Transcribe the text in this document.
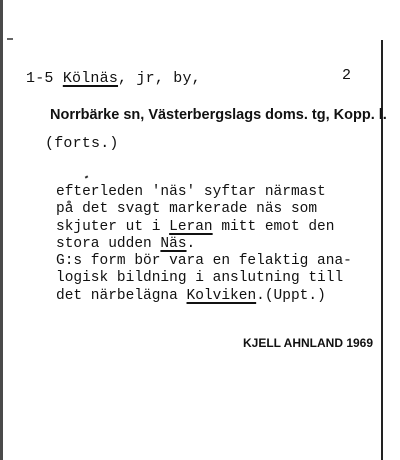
1-5 Kölnäs, jr, by,	2
Norrbärke sn, Västerbergslags doms. tg, Kopp. l.
(forts.)
efterleden 'näs' syftar närmast
på det svagt markerade näs som
skjuter ut i Leran mitt emot den
stora udden Näs.
G:s form bör vara en felaktig ana-
logisk bildning i anslutning till
det närbelägna Kolviken.(Uppt.)
KJELL AHNLAND 1969
